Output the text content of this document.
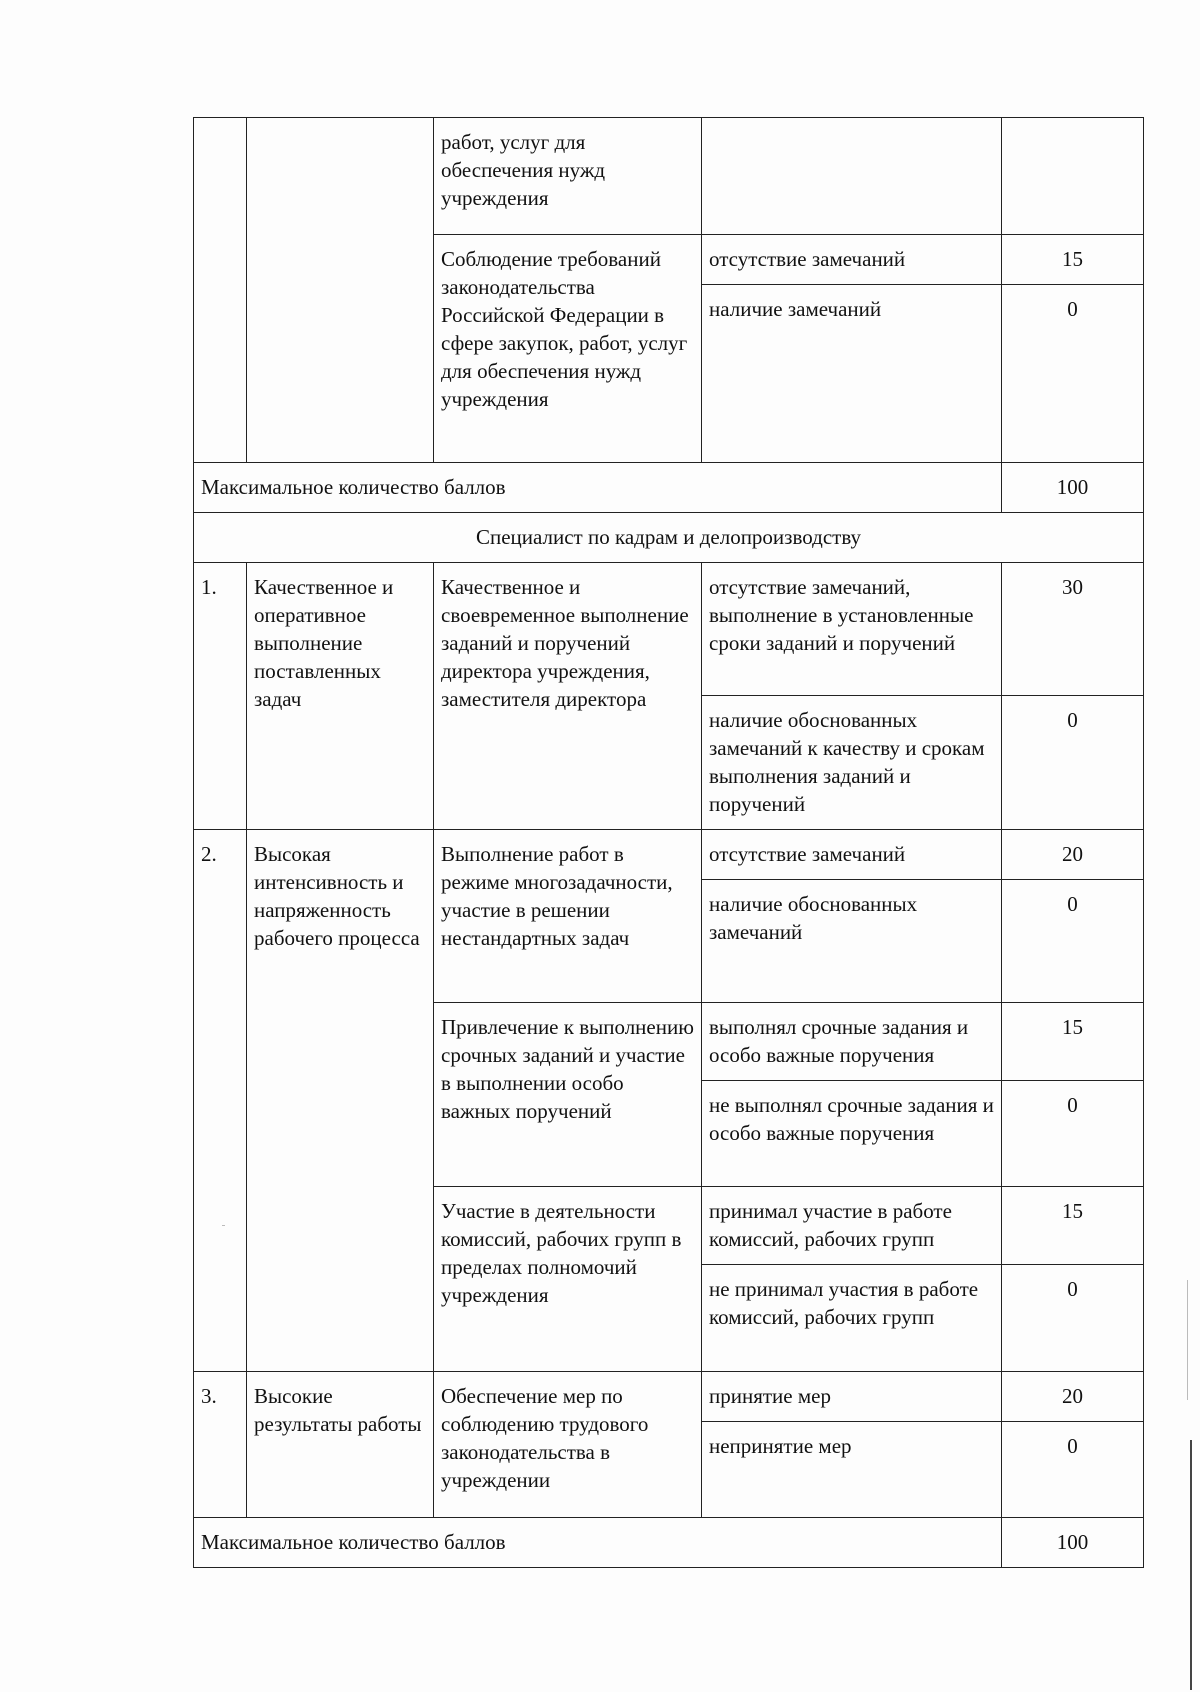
		работ, услуг для обеспечения нужд учреждения		
		Соблюдение требований законодательства Российской Федерации в сфере закупок, работ, услуг для обеспечения нужд учреждения	отсутствие замечаний	15
			наличие замечаний	0
Максимальное количество баллов				100
Специалист по кадрам и делопроизводству				
1.	Качественное и оперативное выполнение поставленных задач	Качественное и своевременное выполнение заданий и поручений директора учреждения, заместителя директора	отсутствие замечаний, выполнение в установленные сроки заданий и поручений	30
			наличие обоснованных замечаний к качеству и срокам выполнения заданий и поручений	0
2.	Высокая интенсивность и напряженность рабочего процесса	Выполнение работ в режиме многозадачности, участие в решении нестандартных задач	отсутствие замечаний	20
			наличие обоснованных замечаний	0
		Привлечение к выполнению срочных заданий и участие в выполнении особо важных поручений	выполнял срочные задания и особо важные поручения	15
			не выполнял срочные задания и особо важные поручения	0
		Участие в деятельности комиссий, рабочих групп в пределах полномочий учреждения	принимал участие в работе комиссий, рабочих групп	15
			не принимал участия в работе комиссий, рабочих групп	0
3.	Высокие результаты работы	Обеспечение мер по соблюдению трудового законодательства в учреждении	принятие мер	20
			непринятие мер	0
Максимальное количество баллов				100
